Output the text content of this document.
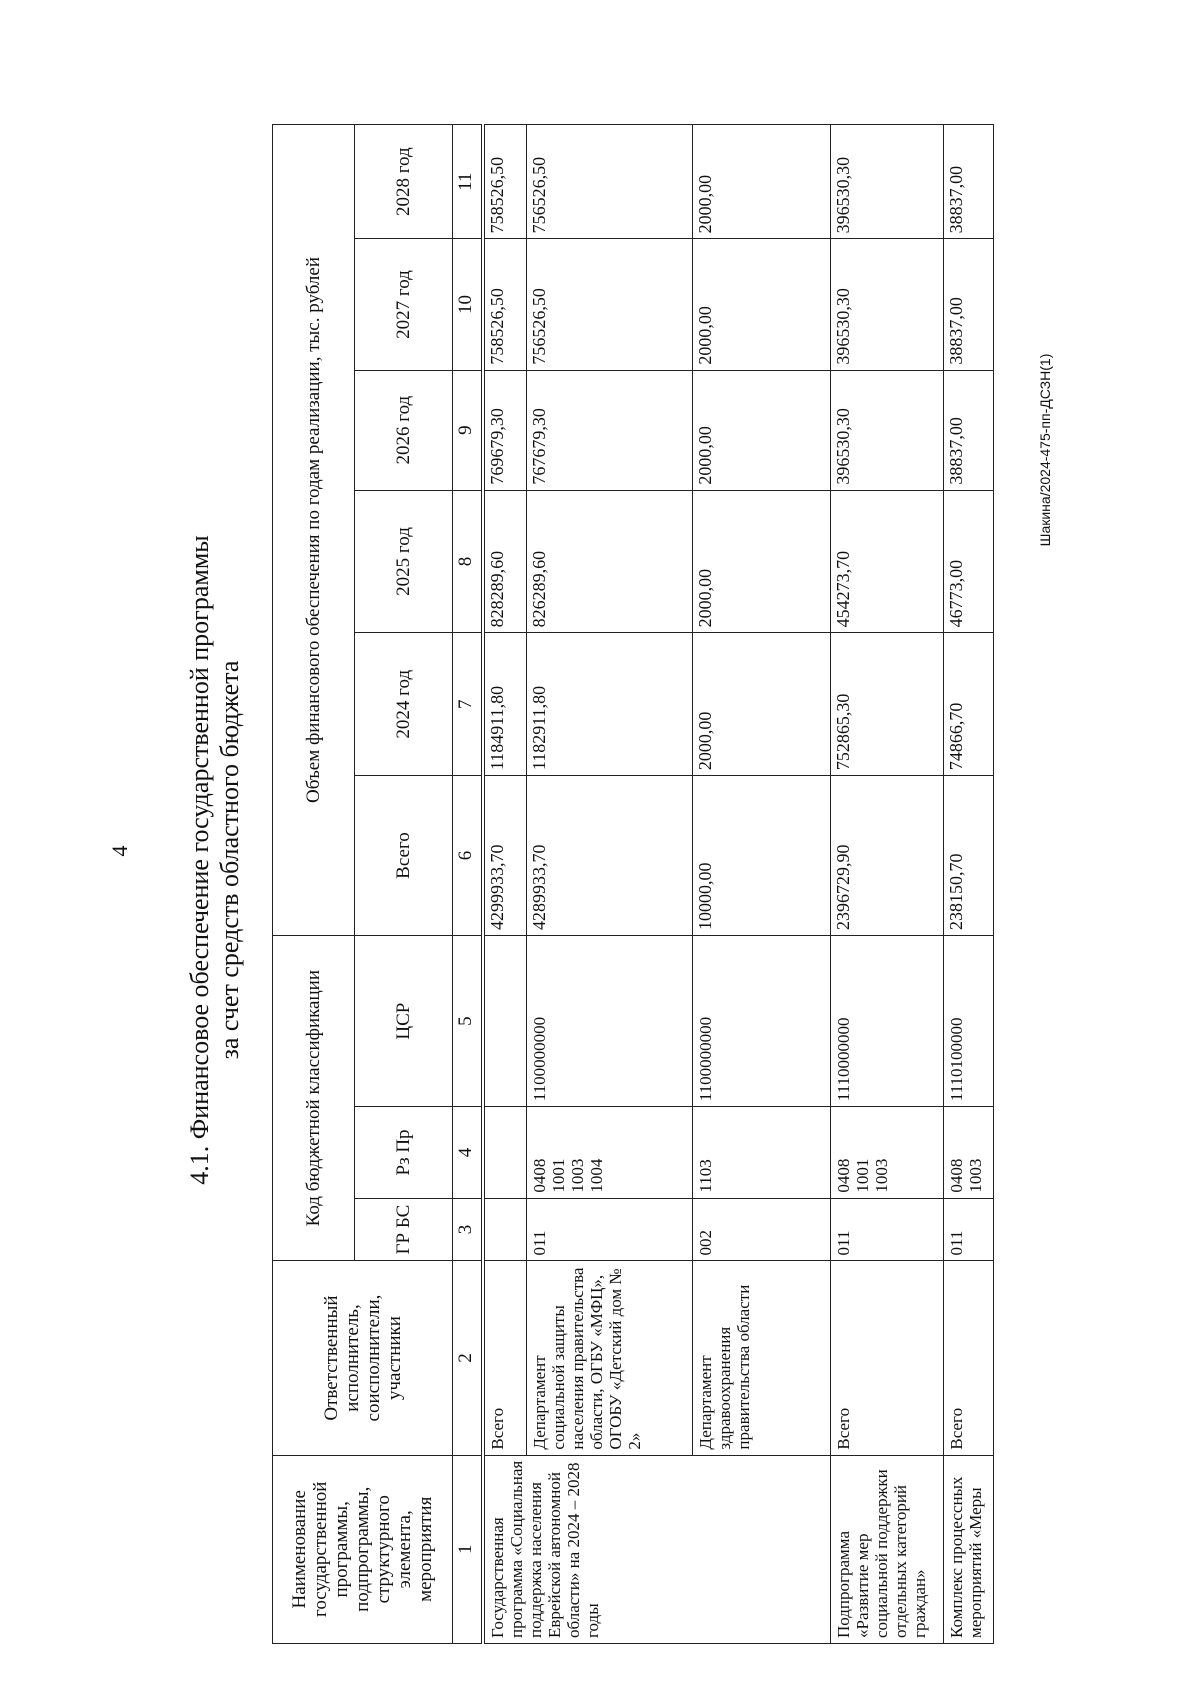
4
Шакина/2024-475-пп-ДСЗН(1)
4.1. Финансовое обеспечение государственной программы за счет средств областного бюджета
Наименование государственной программы, подпрограммы, структурного элемента, мероприятия	Ответственный исполнитель, соисполнители, участники	Код бюджетной классификации			Объем финансового обеспечения по годам реализации, тыс. рублей					
		ГР БС	Рз Пр	ЦСР	Всего	2024 год	2025 год	2026 год	2027 год	2028 год
1	2	3	4	5	6	7	8	9	10	11
Государственная программа «Социальная поддержка населения Еврейской автономной области» на 2024 – 2028 годы	Всего				4299933,70	1184911,80	828289,60	769679,30	758526,50	758526,50
	Департамент социальной защиты населения правительства области, ОГБУ «МФЦ», ОГОБУ «Детский дом № 2»	011	0408 1001 1003 1004	1100000000	4289933,70	1182911,80	826289,60	767679,30	756526,50	756526,50
	Департамент здравоохранения правительства области	002	1103	1100000000	10000,00	2000,00	2000,00	2000,00	2000,00	2000,00
Подпрограмма «Развитие мер социальной поддержки отдельных категорий граждан»	Всего	011	0408 1001 1003	1110000000	2396729,90	752865,30	454273,70	396530,30	396530,30	396530,30
Комплекс процессных мероприятий «Меры	Всего	011	0408 1003	1110100000	238150,70	74866,70	46773,00	38837,00	38837,00	38837,00
